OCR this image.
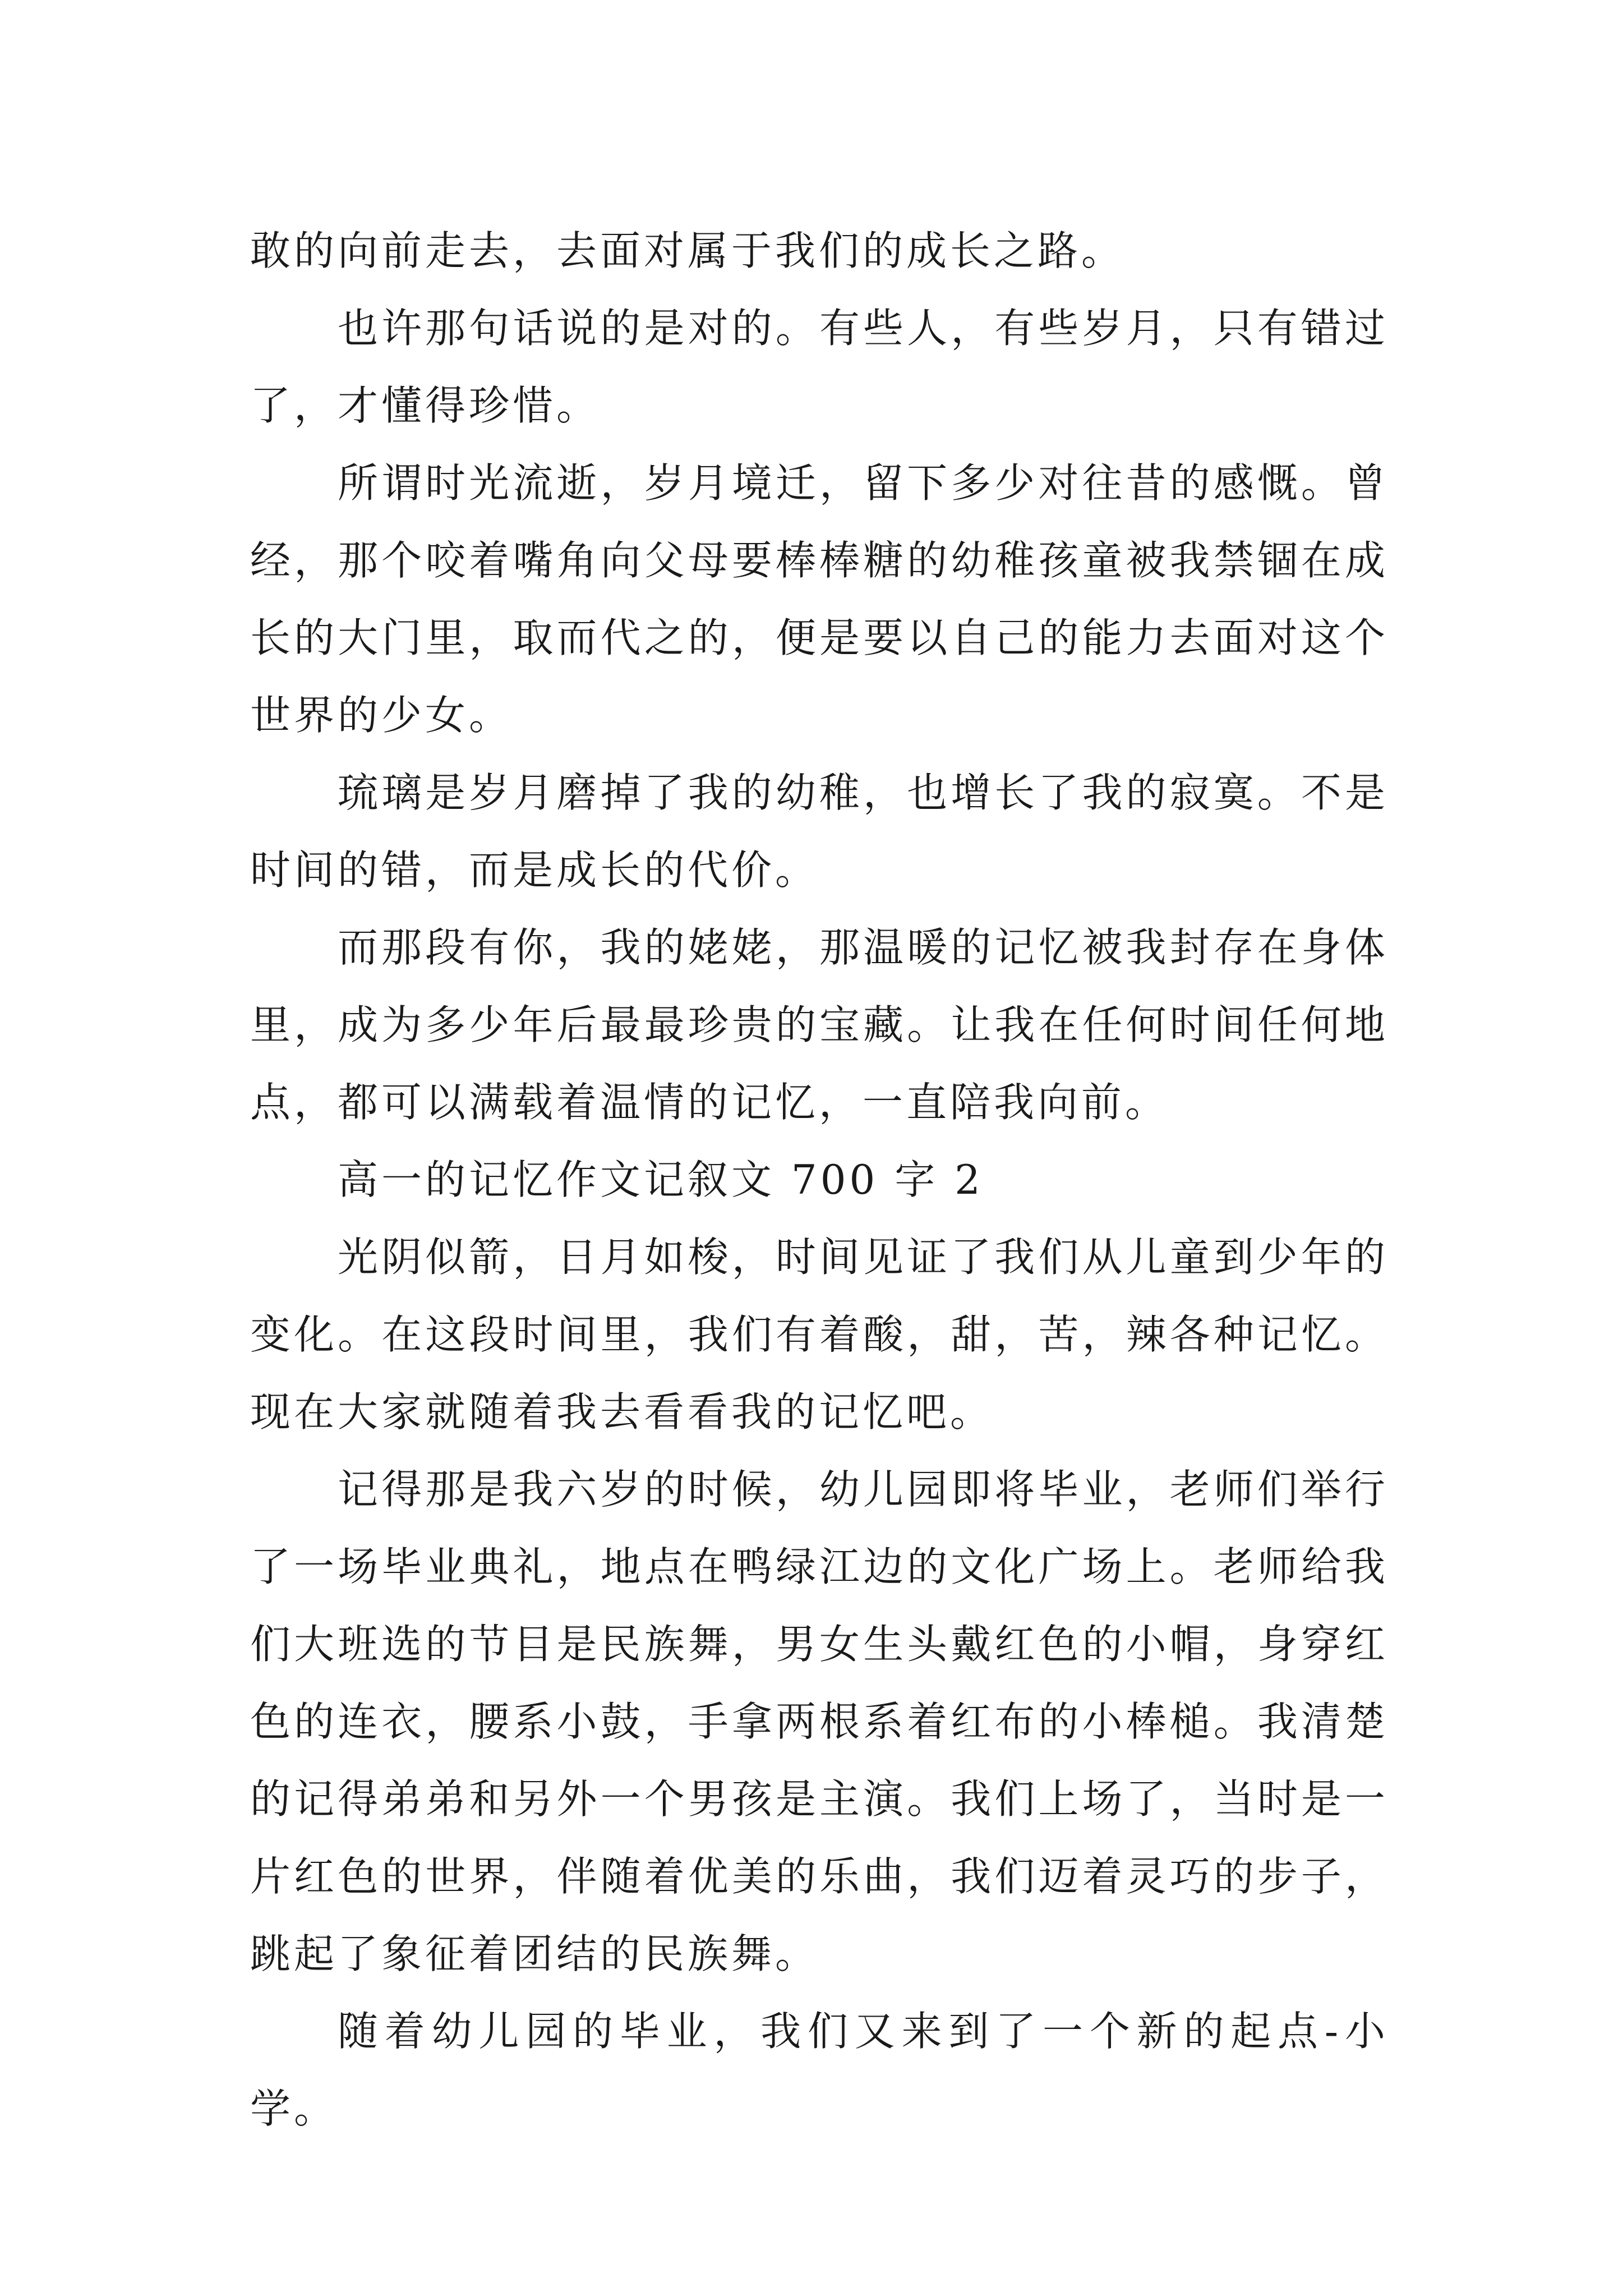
敢的向前走去，去面对属于我们的成长之路。

也许那句话说的是对的。有些人，有些岁月，只有错过了，才懂得珍惜。

所谓时光流逝，岁月境迁，留下多少对往昔的感慨。曾经，那个咬着嘴角向父母要棒棒糖的幼稚孩童被我禁锢在成长的大门里，取而代之的，便是要以自己的能力去面对这个世界的少女。

琉璃是岁月磨掉了我的幼稚，也增长了我的寂寞。不是时间的错，而是成长的代价。

而那段有你，我的姥姥，那温暖的记忆被我封存在身体里，成为多少年后最最珍贵的宝藏。让我在任何时间任何地点，都可以满载着温情的记忆，一直陪我向前。

高一的记忆作文记叙文 700 字 2

光阴似箭，日月如梭，时间见证了我们从儿童到少年的变化。在这段时间里，我们有着酸，甜，苦，辣各种记忆。现在大家就随着我去看看我的记忆吧。

记得那是我六岁的时候，幼儿园即将毕业，老师们举行了一场毕业典礼，地点在鸭绿江边的文化广场上。老师给我们大班选的节目是民族舞，男女生头戴红色的小帽，身穿红色的连衣，腰系小鼓，手拿两根系着红布的小棒槌。我清楚的记得弟弟和另外一个男孩是主演。我们上场了，当时是一片红色的世界，伴随着优美的乐曲，我们迈着灵巧的步子，跳起了象征着团结的民族舞。

随着幼儿园的毕业，我们又来到了一个新的起点-小学。
